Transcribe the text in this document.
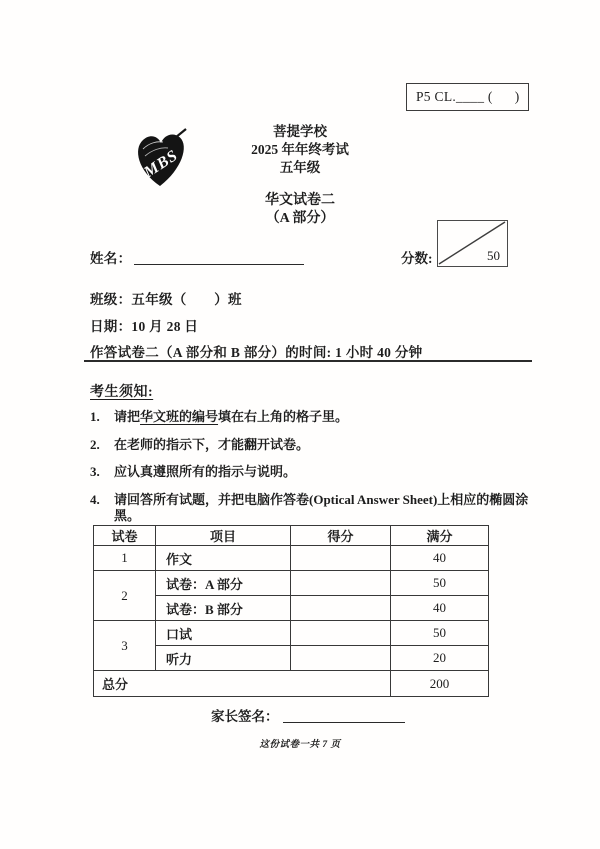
P5 CL.____ (      )
MBS
菩提学校
2025 年年终考试
五年级
华文试卷二
（A 部分）
姓名：	分数:	50
班级：五年级（　　）班
日期：10 月 28 日
作答试卷二（A 部分和 B 部分）的时间: 1 小时 40 分钟
考生须知:
1.	请把华文班的编号填在右上角的格子里。
2.	在老师的指示下，才能翻开试卷。
3.	应认真遵照所有的指示与说明。
4.	请回答所有试题，并把电脑作答卷(Optical Answer Sheet)上相应的椭圆涂黑。
试卷	项目	得分	满分
1	作文		40
2	试卷：A 部分		50
	试卷：B 部分		40
3	口试		50
	听力		20
总分			200
家长签名：
这份试卷一共 7 页
